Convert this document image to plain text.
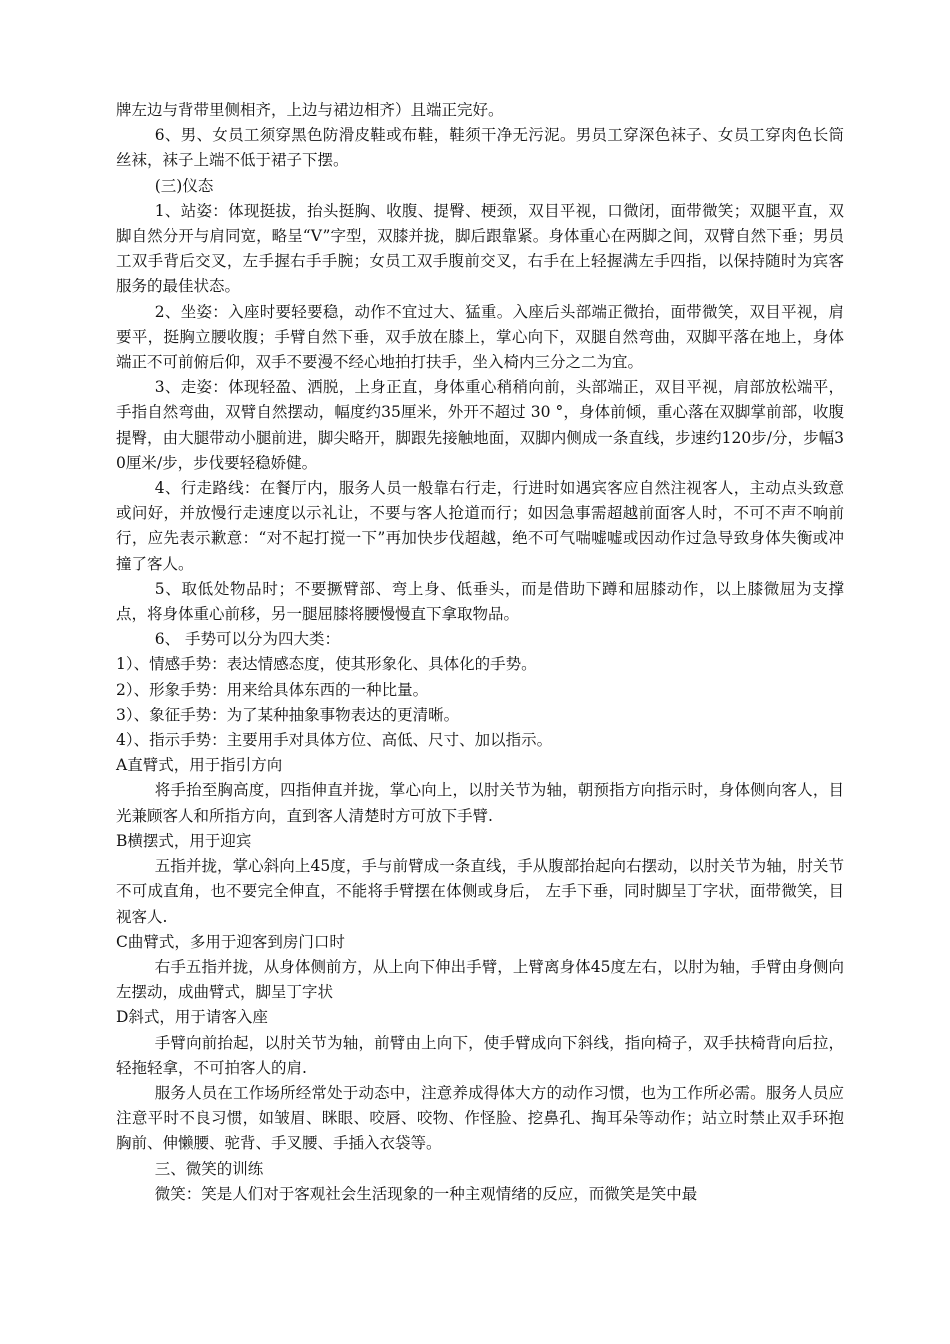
牌左边与背带里侧相齐，上边与裙边相齐）且端正完好。

6、男、女员工须穿黑色防滑皮鞋或布鞋，鞋须干净无污泥。男员工穿深色袜子、女员工穿肉色长筒丝袜，袜子上端不低于裙子下摆。

(三)仪态

1、站姿：体现挺拔，抬头挺胸、收腹、提臀、梗颈，双目平视，口微闭，面带微笑；双腿平直，双脚自然分开与肩同宽，略呈“V”字型，双膝并拢，脚后跟靠紧。身体重心在两脚之间，双臂自然下垂；男员工双手背后交叉，左手握右手手腕；女员工双手腹前交叉，右手在上轻握满左手四指，以保持随时为宾客服务的最佳状态。

2、坐姿：入座时要轻要稳，动作不宜过大、猛重。入座后头部端正微抬，面带微笑，双目平视，肩要平，挺胸立腰收腹；手臂自然下垂，双手放在膝上，掌心向下，双腿自然弯曲，双脚平落在地上，身体端正不可前俯后仰，双手不要漫不经心地拍打扶手，坐入椅内三分之二为宜。

3、走姿：体现轻盈、洒脱，上身正直，身体重心稍稍向前，头部端正，双目平视，肩部放松端平，手指自然弯曲，双臂自然摆动，幅度约35厘米，外开不超过 30 °，身体前倾，重心落在双脚掌前部，收腹提臀，由大腿带动小腿前进，脚尖略开，脚跟先接触地面，双脚内侧成一条直线，步速约120步/分，步幅30厘米/步，步伐要轻稳娇健。

4、行走路线：在餐厅内，服务人员一般靠右行走，行进时如遇宾客应自然注视客人，主动点头致意或问好，并放慢行走速度以示礼让，不要与客人抢道而行；如因急事需超越前面客人时，不可不声不响前行，应先表示歉意：“对不起打搅一下”再加快步伐超越，绝不可气喘嘘嘘或因动作过急导致身体失衡或冲撞了客人。

5、取低处物品时；不要撅臂部、弯上身、低垂头，而是借助下蹲和屈膝动作，以上膝微屈为支撑点，将身体重心前移，另一腿屈膝将腰慢慢直下拿取物品。

6、 手势可以分为四大类：

1）、情感手势：表达情感态度，使其形象化、具体化的手势。

2）、形象手势：用来给具体东西的一种比量。

3）、象征手势：为了某种抽象事物表达的更清晰。

4）、指示手势：主要用手对具体方位、高低、尺寸、加以指示。

A直臂式，用于指引方向

将手抬至胸高度，四指伸直并拢，掌心向上，以肘关节为轴，朝预指方向指示时，身体侧向客人，目光兼顾客人和所指方向，直到客人清楚时方可放下手臂.

B横摆式，用于迎宾

五指并拢，掌心斜向上45度，手与前臂成一条直线，手从腹部抬起向右摆动，以肘关节为轴，肘关节不可成直角，也不要完全伸直，不能将手臂摆在体侧或身后， 左手下垂，同时脚呈丁字状，面带微笑，目视客人.

C曲臂式，多用于迎客到房门口时

右手五指并拢，从身体侧前方，从上向下伸出手臂，上臂离身体45度左右，以肘为轴，手臂由身侧向左摆动，成曲臂式，脚呈丁字状

D斜式，用于请客入座

手臂向前抬起，以肘关节为轴，前臂由上向下，使手臂成向下斜线，指向椅子，双手扶椅背向后拉，轻拖轻拿，不可拍客人的肩.

服务人员在工作场所经常处于动态中，注意养成得体大方的动作习惯，也为工作所必需。服务人员应注意平时不良习惯，如皱眉、眯眼、咬唇、咬物、作怪脸、挖鼻孔、掏耳朵等动作；站立时禁止双手环抱胸前、伸懒腰、驼背、手叉腰、手插入衣袋等。

三、微笑的训练

微笑：笑是人们对于客观社会生活现象的一种主观情绪的反应，而微笑是笑中最
